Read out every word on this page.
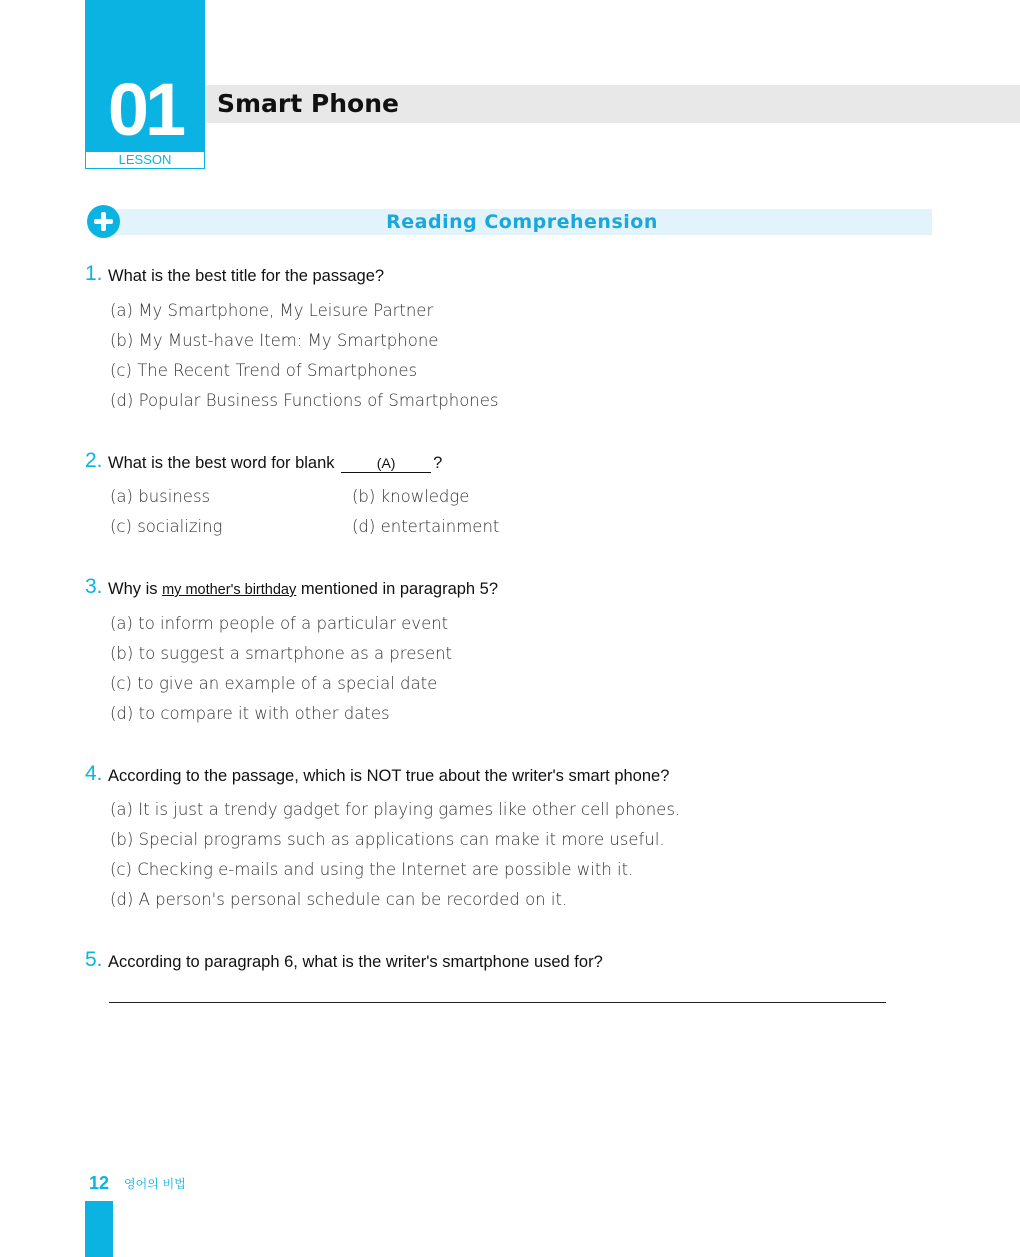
01
LESSON
Smart Phone
Reading Comprehension
1. What is the best title for the passage?
(a) My Smartphone, My Leisure Partner
(b) My Must-have Item: My Smartphone
(c) The Recent Trend of Smartphones
(d) Popular Business Functions of Smartphones
2. What is the best word for blank	(A) ?
(a) business	(b) knowledge
(c) socializing	(d) entertainment
3. Why is my mother's birthday mentioned in paragraph 5?
(a) to inform people of a particular event
(b) to suggest a smartphone as a present
(c) to give an example of a special date
(d) to compare it with other dates
4. According to the passage, which is NOT true about the writer's smart phone?
(a) It is just a trendy gadget for playing games like other cell phones.
(b) Special programs such as applications can make it more useful.
(c) Checking e-mails and using the Internet are possible with it.
(d) A person's personal schedule can be recorded on it.
5. According to paragraph 6, what is the writer's smartphone used for?
12 영어의 비법
